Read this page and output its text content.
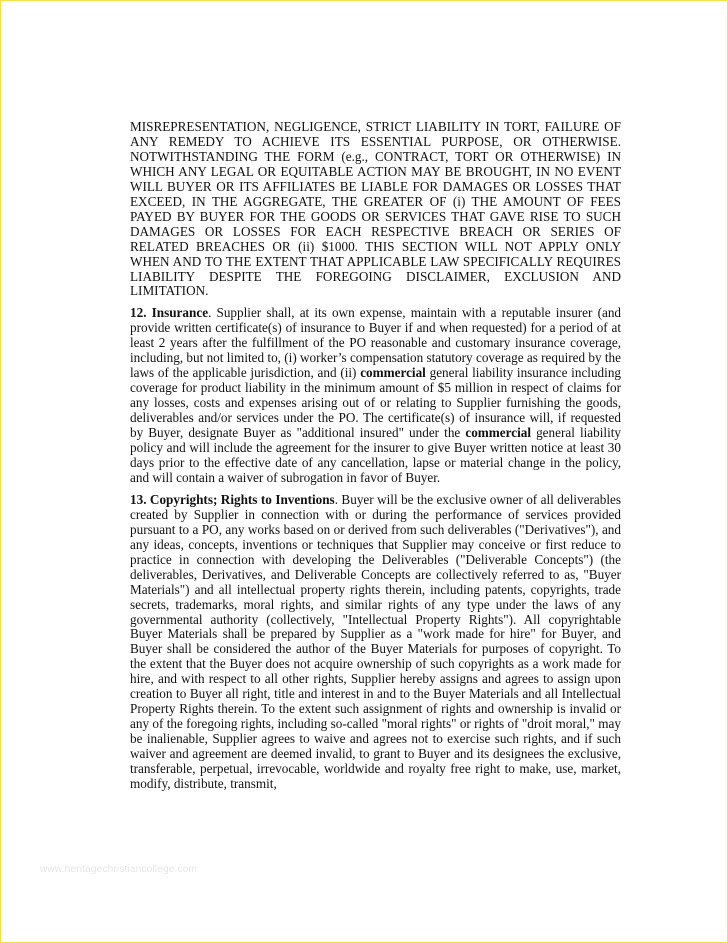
MISREPRESENTATION, NEGLIGENCE, STRICT LIABILITY IN TORT, FAILURE OF ANY REMEDY TO ACHIEVE ITS ESSENTIAL PURPOSE, OR OTHERWISE. NOTWITHSTANDING THE FORM (e.g., CONTRACT, TORT OR OTHERWISE) IN WHICH ANY LEGAL OR EQUITABLE ACTION MAY BE BROUGHT, IN NO EVENT WILL BUYER OR ITS AFFILIATES BE LIABLE FOR DAMAGES OR LOSSES THAT EXCEED, IN THE AGGREGATE, THE GREATER OF (i) THE AMOUNT OF FEES PAYED BY BUYER FOR THE GOODS OR SERVICES THAT GAVE RISE TO SUCH DAMAGES OR LOSSES FOR EACH RESPECTIVE BREACH OR SERIES OF RELATED BREACHES OR (ii) $1000. THIS SECTION WILL NOT APPLY ONLY WHEN AND TO THE EXTENT THAT APPLICABLE LAW SPECIFICALLY REQUIRES LIABILITY DESPITE THE FOREGOING DISCLAIMER, EXCLUSION AND LIMITATION.

12. Insurance. Supplier shall, at its own expense, maintain with a reputable insurer (and provide written certificate(s) of insurance to Buyer if and when requested) for a period of at least 2 years after the fulfillment of the PO reasonable and customary insurance coverage, including, but not limited to, (i) worker’s compensation statutory coverage as required by the laws of the applicable jurisdiction, and (ii) commercial general liability insurance including coverage for product liability in the minimum amount of $5 million in respect of claims for any losses, costs and expenses arising out of or relating to Supplier furnishing the goods, deliverables and/or services under the PO. The certificate(s) of insurance will, if requested by Buyer, designate Buyer as "additional insured" under the commercial general liability policy and will include the agreement for the insurer to give Buyer written notice at least 30 days prior to the effective date of any cancellation, lapse or material change in the policy, and will contain a waiver of subrogation in favor of Buyer.

13. Copyrights; Rights to Inventions. Buyer will be the exclusive owner of all deliverables created by Supplier in connection with or during the performance of services provided pursuant to a PO, any works based on or derived from such deliverables ("Derivatives"), and any ideas, concepts, inventions or techniques that Supplier may conceive or first reduce to practice in connection with developing the Deliverables ("Deliverable Concepts") (the deliverables, Derivatives, and Deliverable Concepts are collectively referred to as, "Buyer Materials") and all intellectual property rights therein, including patents, copyrights, trade secrets, trademarks, moral rights, and similar rights of any type under the laws of any governmental authority (collectively, "Intellectual Property Rights"). All copyrightable Buyer Materials shall be prepared by Supplier as a "work made for hire" for Buyer, and Buyer shall be considered the author of the Buyer Materials for purposes of copyright. To the extent that the Buyer does not acquire ownership of such copyrights as a work made for hire, and with respect to all other rights, Supplier hereby assigns and agrees to assign upon creation to Buyer all right, title and interest in and to the Buyer Materials and all Intellectual Property Rights therein. To the extent such assignment of rights and ownership is invalid or any of the foregoing rights, including so-called "moral rights" or rights of "droit moral," may be inalienable, Supplier agrees to waive and agrees not to exercise such rights, and if such waiver and agreement are deemed invalid, to grant to Buyer and its designees the exclusive, transferable, perpetual, irrevocable, worldwide and royalty free right to make, use, market, modify, distribute, transmit,

www.heritagechristiancollege.com
